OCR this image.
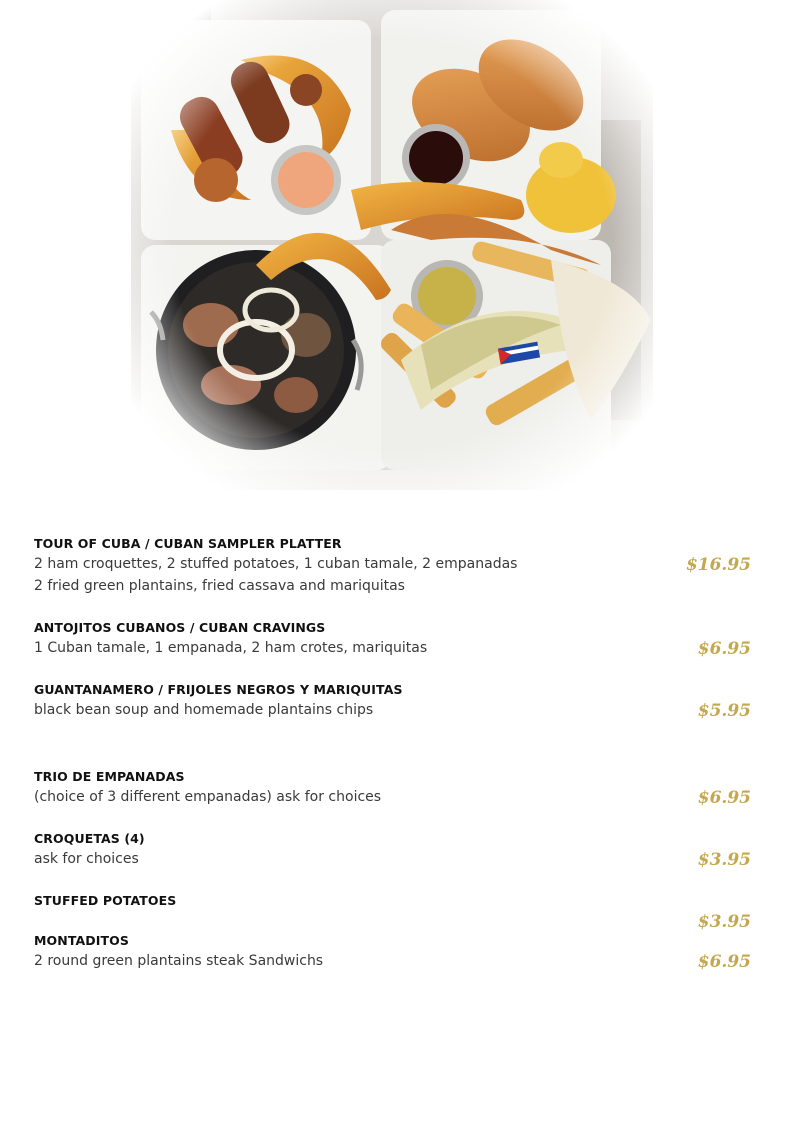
TOUR OF CUBA / CUBAN SAMPLER PLATTER
2 ham croquettes, 2 stuffed potatoes, 1 cuban tamale, 2 empanadas
2 fried green plantains, fried cassava and mariquitas
$16.95
ANTOJITOS CUBANOS / CUBAN CRAVINGS
1 Cuban tamale, 1 empanada, 2 ham crotes, mariquitas	$6.95
GUANTANAMERO / FRIJOLES NEGROS Y MARIQUITAS
black bean soup and homemade plantains chips	$5.95
TRIO DE EMPANADAS
(choice of 3 different empanadas) ask for choices	$6.95
CROQUETAS (4)
ask for choices	$3.95
STUFFED POTATOES
$3.95
MONTADITOS
2 round green plantains steak Sandwichs	$6.95
